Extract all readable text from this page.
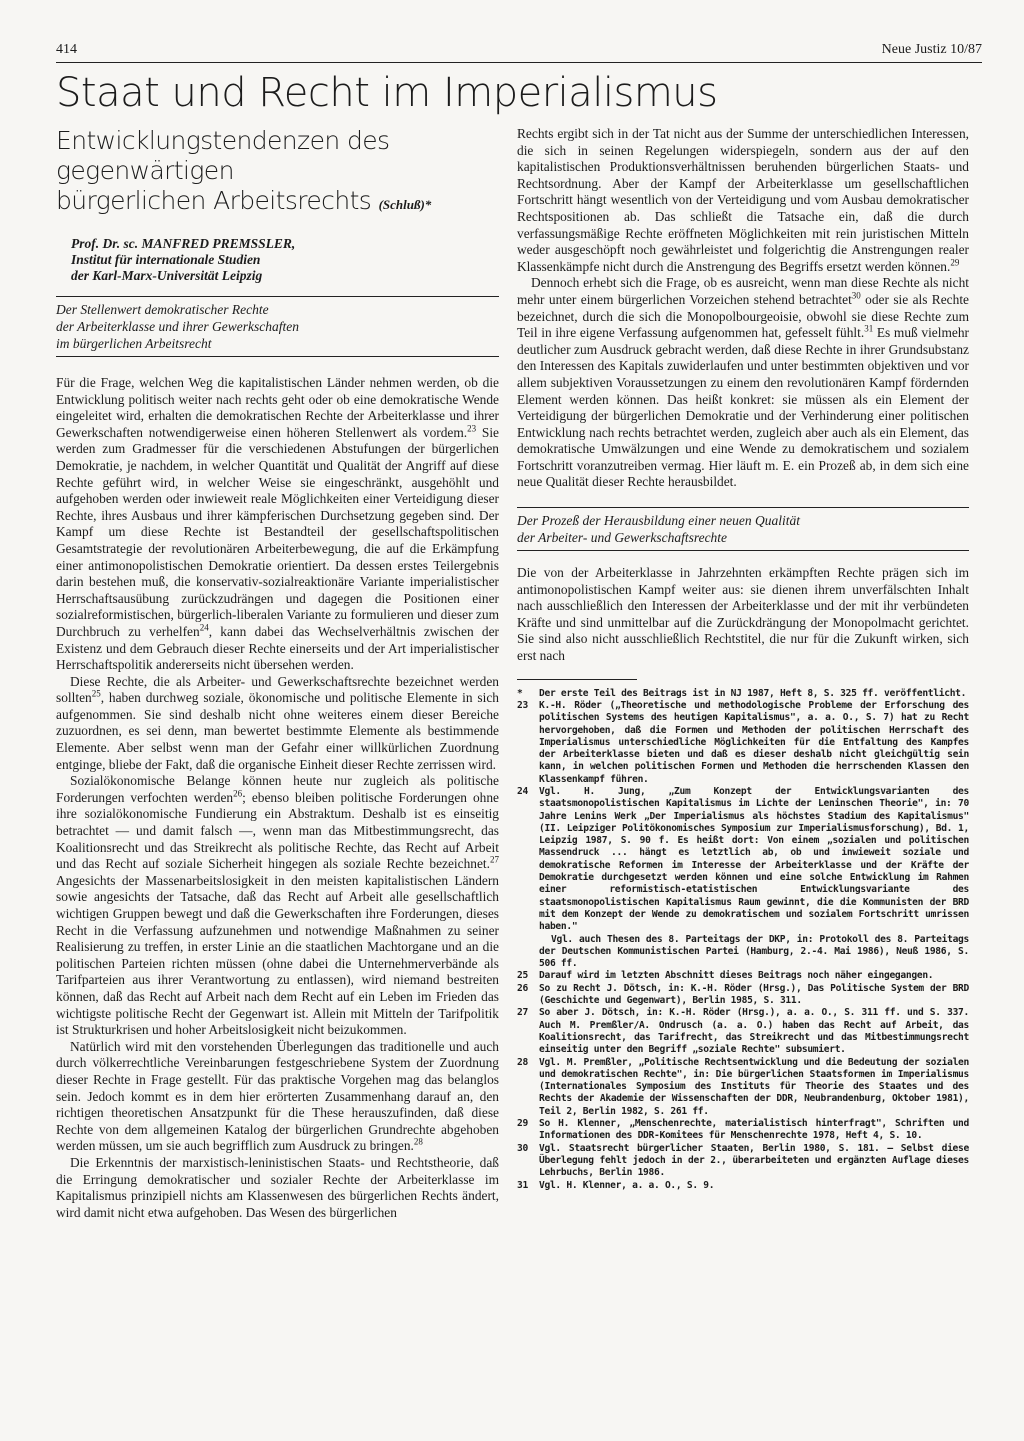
414	Neue Justiz 10/87
Staat und Recht im Imperialismus
Entwicklungstendenzen des gegenwärtigen
bürgerlichen Arbeitsrechts (Schluß)*
Prof. Dr. sc. MANFRED PREMSSLER,
Institut für internationale Studien
der Karl-Marx-Universität Leipzig
Der Stellenwert demokratischer Rechte
der Arbeiterklasse und ihrer Gewerkschaften
im bürgerlichen Arbeitsrecht

Für die Frage, welchen Weg die kapitalistischen Länder nehmen werden, ob die Entwicklung politisch weiter nach rechts geht oder ob eine demokratische Wende eingeleitet wird, erhalten die demokratischen Rechte der Arbeiterklasse und ihrer Gewerkschaften notwendigerweise einen höheren Stellenwert als vordem.$^{23}$ Sie werden zum Gradmesser für die verschiedenen Abstufungen der bürgerlichen Demokratie, je nachdem, in welcher Quantität und Qualität der Angriff auf diese Rechte geführt wird, in welcher Weise sie eingeschränkt, ausgehöhlt und aufgehoben werden oder inwieweit reale Möglichkeiten einer Verteidigung dieser Rechte, ihres Ausbaus und ihrer kämpferischen Durchsetzung gegeben sind. Der Kampf um diese Rechte ist Bestandteil der gesellschaftspolitischen Gesamtstrategie der revolutionären Arbeiterbewegung, die auf die Erkämpfung einer antimonopolistischen Demokratie orientiert. Da dessen erstes Teilergebnis darin bestehen muß, die konservativ-sozialreaktionäre Variante imperialistischer Herrschaftsausübung zurückzudrängen und dagegen die Positionen einer sozialreformistischen, bürgerlich-liberalen Variante zu formulieren und dieser zum Durchbruch zu verhelfen$^{24}$, kann dabei das Wechselverhältnis zwischen der Existenz und dem Gebrauch dieser Rechte einerseits und der Art imperialistischer Herrschaftspolitik andererseits nicht übersehen werden.

Diese Rechte, die als Arbeiter- und Gewerkschaftsrechte bezeichnet werden sollten$^{25}$, haben durchweg soziale, ökonomische und politische Elemente in sich aufgenommen. Sie sind deshalb nicht ohne weiteres einem dieser Bereiche zuzuordnen, es sei denn, man bewertet bestimmte Elemente als bestimmende Elemente. Aber selbst wenn man der Gefahr einer willkürlichen Zuordnung entginge, bliebe der Fakt, daß die organische Einheit dieser Rechte zerrissen wird.

Sozialökonomische Belange können heute nur zugleich als politische Forderungen verfochten werden$^{26}$; ebenso bleiben politische Forderungen ohne ihre sozialökonomische Fundierung ein Abstraktum. Deshalb ist es einseitig betrachtet — und damit falsch —, wenn man das Mitbestimmungsrecht, das Koalitionsrecht und das Streikrecht als politische Rechte, das Recht auf Arbeit und das Recht auf soziale Sicherheit hingegen als soziale Rechte bezeichnet.$^{27}$ Angesichts der Massenarbeitslosigkeit in den meisten kapitalistischen Ländern sowie angesichts der Tatsache, daß das Recht auf Arbeit alle gesellschaftlich wichtigen Gruppen bewegt und daß die Gewerkschaften ihre Forderungen, dieses Recht in die Verfassung aufzunehmen und notwendige Maßnahmen zu seiner Realisierung zu treffen, in erster Linie an die staatlichen Machtorgane und an die politischen Parteien richten müssen (ohne dabei die Unternehmerverbände als Tarifparteien aus ihrer Verantwortung zu entlassen), wird niemand bestreiten können, daß das Recht auf Arbeit nach dem Recht auf ein Leben im Frieden das wichtigste politische Recht der Gegenwart ist. Allein mit Mitteln der Tarifpolitik ist Strukturkrisen und hoher Arbeitslosigkeit nicht beizukommen.

Natürlich wird mit den vorstehenden Überlegungen das traditionelle und auch durch völkerrechtliche Vereinbarungen festgeschriebene System der Zuordnung dieser Rechte in Frage gestellt. Für das praktische Vorgehen mag das belanglos sein. Jedoch kommt es in dem hier erörterten Zusammenhang darauf an, den richtigen theoretischen Ansatzpunkt für die These herauszufinden, daß diese Rechte von dem allgemeinen Katalog der bürgerlichen Grundrechte abgehoben werden müssen, um sie auch begrifflich zum Ausdruck zu bringen.$^{28}$

Die Erkenntnis der marxistisch-leninistischen Staats- und Rechtstheorie, daß die Erringung demokratischer und sozialer Rechte der Arbeiterklasse im Kapitalismus prinzipiell nichts am Klassenwesen des bürgerlichen Rechts ändert, wird damit nicht etwa aufgehoben. Das Wesen des bürgerlichen

Rechts ergibt sich in der Tat nicht aus der Summe der unterschiedlichen Interessen, die sich in seinen Regelungen widerspiegeln, sondern aus der auf den kapitalistischen Produktionsverhältnissen beruhenden bürgerlichen Staats- und Rechtsordnung. Aber der Kampf der Arbeiterklasse um gesellschaftlichen Fortschritt hängt wesentlich von der Verteidigung und vom Ausbau demokratischer Rechtspositionen ab. Das schließt die Tatsache ein, daß die durch verfassungsmäßige Rechte eröffneten Möglichkeiten mit rein juristischen Mitteln weder ausgeschöpft noch gewährleistet und folgerichtig die Anstrengungen realer Klassenkämpfe nicht durch die Anstrengung des Begriffs ersetzt werden können.$^{29}$

Dennoch erhebt sich die Frage, ob es ausreicht, wenn man diese Rechte als nicht mehr unter einem bürgerlichen Vorzeichen stehend betrachtet$^{30}$ oder sie als Rechte bezeichnet, durch die sich die Monopolbourgeoisie, obwohl sie diese Rechte zum Teil in ihre eigene Verfassung aufgenommen hat, gefesselt fühlt.$^{31}$ Es muß vielmehr deutlicher zum Ausdruck gebracht werden, daß diese Rechte in ihrer Grundsubstanz den Interessen des Kapitals zuwiderlaufen und unter bestimmten objektiven und vor allem subjektiven Voraussetzungen zu einem den revolutionären Kampf fördernden Element werden können. Das heißt konkret: sie müssen als ein Element der Verteidigung der bürgerlichen Demokratie und der Verhinderung einer politischen Entwicklung nach rechts betrachtet werden, zugleich aber auch als ein Element, das demokratische Umwälzungen und eine Wende zu demokratischem und sozialem Fortschritt voranzutreiben vermag. Hier läuft m. E. ein Prozeß ab, in dem sich eine neue Qualität dieser Rechte herausbildet.

Der Prozeß der Herausbildung einer neuen Qualität
der Arbeiter- und Gewerkschaftsrechte

Die von der Arbeiterklasse in Jahrzehnten erkämpften Rechte prägen sich im antimonopolistischen Kampf weiter aus: sie dienen ihrem unverfälschten Inhalt nach ausschließlich den Interessen der Arbeiterklasse und der mit ihr verbündeten Kräfte und sind unmittelbar auf die Zurückdrängung der Monopolmacht gerichtet. Sie sind also nicht ausschließlich Rechtstitel, die nur für die Zukunft wirken, sich erst nach

*	Der erste Teil des Beitrags ist in NJ 1987, Heft 8, S. 325 ff. veröffentlicht.
23	K.-H. Röder („Theoretische und methodologische Probleme der Erforschung des politischen Systems des heutigen Kapitalismus", a. a. O., S. 7) hat zu Recht hervorgehoben, daß die Formen und Methoden der politischen Herrschaft des Imperialismus unterschiedliche Möglichkeiten für die Entfaltung des Kampfes der Arbeiterklasse bieten und daß es dieser deshalb nicht gleichgültig sein kann, in welchen politischen Formen und Methoden die herrschenden Klassen den Klassenkampf führen.
24	Vgl. H. Jung, „Zum Konzept der Entwicklungsvarianten des staatsmonopolistischen Kapitalismus im Lichte der Leninschen Theorie", in: 70 Jahre Lenins Werk „Der Imperialismus als höchstes Stadium des Kapitalismus" (II. Leipziger Politökonomisches Symposium zur Imperialismusforschung), Bd. 1, Leipzig 1987, S. 90 f. Es heißt dort: Von einem „sozialen und politischen Massendruck ... hängt es letztlich ab, ob und inwieweit soziale und demokratische Reformen im Interesse der Arbeiterklasse und der Kräfte der Demokratie durchgesetzt werden können und eine solche Entwicklung im Rahmen einer reformistisch-etatistischen Entwicklungsvariante des staatsmonopolistischen Kapitalismus Raum gewinnt, die die Kommunisten der BRD mit dem Konzept der Wende zu demokratischem und sozialem Fortschritt umrissen haben."
Vgl. auch Thesen des 8. Parteitags der DKP, in: Protokoll des 8. Parteitags der Deutschen Kommunistischen Partei (Hamburg, 2.-4. Mai 1986), Neuß 1986, S. 506 ff.
25	Darauf wird im letzten Abschnitt dieses Beitrags noch näher eingegangen.
26	So zu Recht J. Dötsch, in: K.-H. Röder (Hrsg.), Das Politische System der BRD (Geschichte und Gegenwart), Berlin 1985, S. 311.
27	So aber J. Dötsch, in: K.-H. Röder (Hrsg.), a. a. O., S. 311 ff. und S. 337. Auch M. Premßler/A. Ondrusch (a. a. O.) haben das Recht auf Arbeit, das Koalitionsrecht, das Tarifrecht, das Streikrecht und das Mitbestimmungsrecht einseitig unter den Begriff „soziale Rechte" subsumiert.
28	Vgl. M. Premßler, „Politische Rechtsentwicklung und die Bedeutung der sozialen und demokratischen Rechte", in: Die bürgerlichen Staatsformen im Imperialismus (Internationales Symposium des Instituts für Theorie des Staates und des Rechts der Akademie der Wissenschaften der DDR, Neubrandenburg, Oktober 1981), Teil 2, Berlin 1982, S. 261 ff.
29	So H. Klenner, „Menschenrechte, materialistisch hinterfragt", Schriften und Informationen des DDR-Komitees für Menschenrechte 1978, Heft 4, S. 10.
30	Vgl. Staatsrecht bürgerlicher Staaten, Berlin 1980, S. 181. — Selbst diese Überlegung fehlt jedoch in der 2., überarbeiteten und ergänzten Auflage dieses Lehrbuchs, Berlin 1986.
31	Vgl. H. Klenner, a. a. O., S. 9.
